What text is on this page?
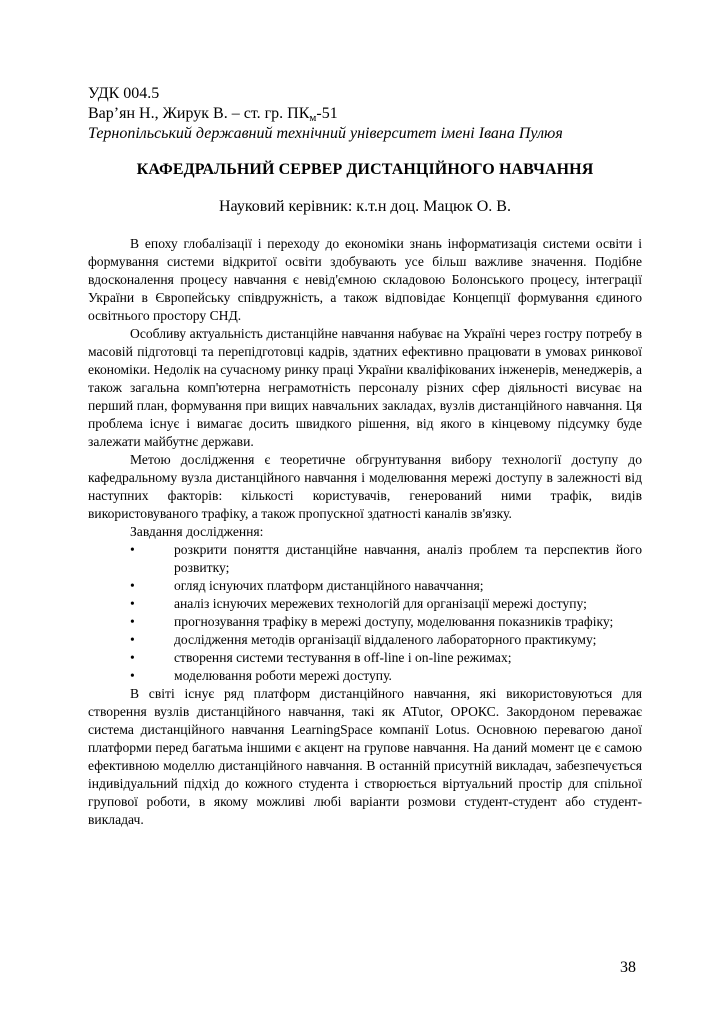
УДК 004.5

Вар’ян Н., Жирук В. – ст. гр. $ПК_м-51$

Тернопільський державний технічний університет імені Івана Пулюя

КАФЕДРАЛЬНИЙ СЕРВЕР ДИСТАНЦІЙНОГО НАВЧАННЯ

Науковий керівник: к.т.н доц. Мацюк О. В.

В епоху глобалізації і переходу до економіки знань інформатизація системи освіти і формування системи відкритої освіти здобувають усе більш важливе значення. Подібне вдосконалення процесу навчання є невід'ємною складовою Болонського процесу, інтеграції України в Європейську співдружність, а також відповідає Концепції формування єдиного освітнього простору СНД.

Особливу актуальність дистанційне навчання набуває на Україні через гостру потребу в масовій підготовці та перепідготовці кадрів, здатних ефективно працювати в умовах ринкової економіки. Недолік на сучасному ринку праці України кваліфікованих інженерів, менеджерів, а також загальна комп'ютерна неграмотність персоналу різних сфер діяльності висуває на перший план, формування при вищих навчальних закладах, вузлів дистанційного навчання. Ця проблема існує і вимагає досить швидкого рішення, від якого в кінцевому підсумку буде залежати майбутнє держави.

Метою дослідження є теоретичне обгрунтування вибору технології доступу до кафедральному вузла дистанційного навчання і моделювання мережі доступу в залежності від наступних факторів: кількості користувачів, генерований ними трафік, видів використовуваного трафіку, а також пропускної здатності каналів зв'язку.

Завдання дослідження:

•	розкрити поняття дистанційне навчання, аналіз проблем та перспектив його розвитку;
•	огляд існуючих платформ дистанційного наваччання;
•	аналіз існуючих мережевих технологій для організації мережі доступу;
•	прогнозування трафіку в мережі доступу, моделювання показників трафіку;
•	дослідження методів організації віддаленого лабораторного практикуму;
•	створення системи тестування в off-line і on-line режимах;
•	моделювання роботи мережі доступу.

В світі існує ряд платформ дистанційного навчання, які використовуються для створення вузлів дистанційного навчання, такі як ATutor, ОРОКС. Закордоном переважає система дистанційного навчання LearningSpace компанії Lotus. Основною перевагою даної платформи перед багатьма іншими є акцент на групове навчання. На даний момент це є самою ефективною моделлю дистанційного навчання. В останній присутній викладач, забезпечується індивідуальний підхід до кожного студента і створюється віртуальний простір для спільної групової роботи, в якому можливі любі варіанти розмови студент-студент або студент-викладач.

38
